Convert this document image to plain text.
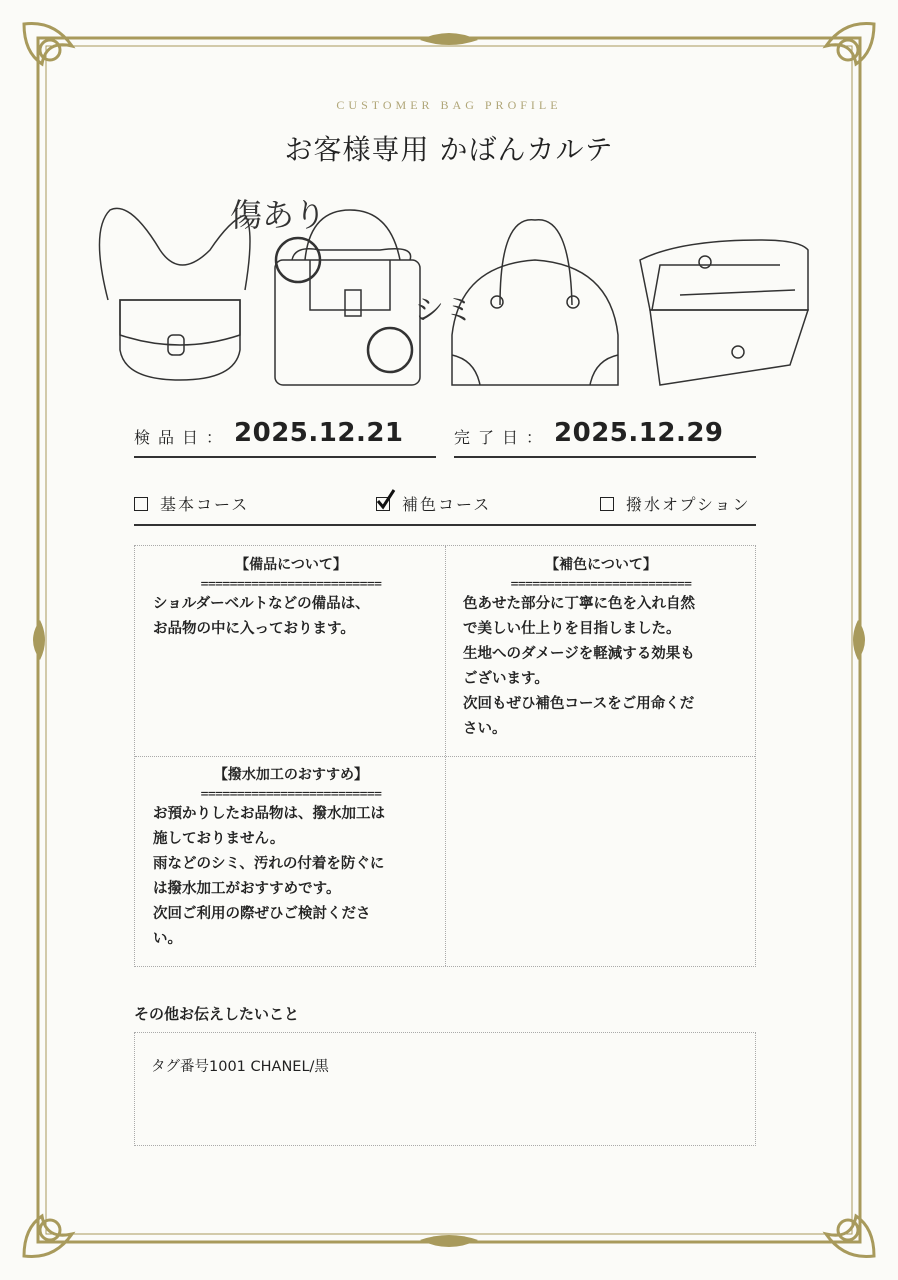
CUSTOMER BAG PROFILE
お客様専用 かばんカルテ
傷あり
シミ
検品日： 2025.12.21	完了日： 2025.12.29
基本コース	補色コース	撥水オプション
【備品について】
=========================
ショルダーベルトなどの備品は、
お品物の中に入っております。
【補色について】
=========================
色あせた部分に丁寧に色を入れ自然
で美しい仕上りを目指しました。
生地へのダメージを軽減する効果も
ございます。
次回もぜひ補色コースをご用命くだ
さい。
【撥水加工のおすすめ】
=========================
お預かりしたお品物は、撥水加工は
施しておりません。
雨などのシミ、汚れの付着を防ぐに
は撥水加工がおすすめです。
次回ご利用の際ぜひご検討くださ
い。
その他お伝えしたいこと
タグ番号1001 CHANEL/黒
